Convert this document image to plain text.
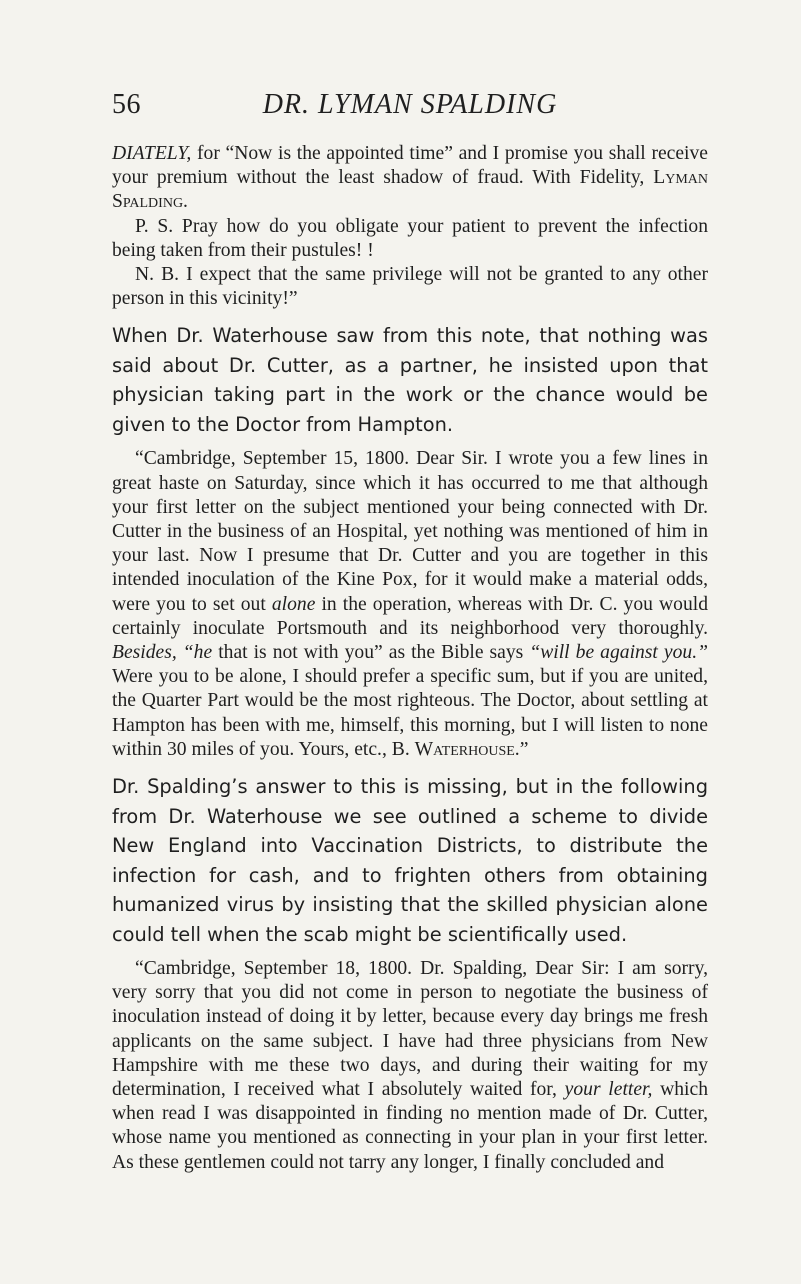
56	DR. LYMAN SPALDING

DIATELY, for “Now is the appointed time” and I promise you shall receive your premium without the least shadow of fraud. With Fidelity, Lyman Spalding.

P. S. Pray how do you obligate your patient to prevent the infection being taken from their pustules! !

N. B. I expect that the same privilege will not be granted to any other person in this vicinity!”

When Dr. Waterhouse saw from this note, that nothing was said about Dr. Cutter, as a partner, he insisted upon that physician taking part in the work or the chance would be given to the Doctor from Hampton.

“Cambridge, September 15, 1800. Dear Sir. I wrote you a few lines in great haste on Saturday, since which it has occurred to me that although your first letter on the subject mentioned your being connected with Dr. Cutter in the business of an Hospital, yet nothing was mentioned of him in your last. Now I presume that Dr. Cutter and you are together in this intended inoculation of the Kine Pox, for it would make a material odds, were you to set out alone in the operation, whereas with Dr. C. you would certainly inoculate Portsmouth and its neighborhood very thoroughly. Besides, “he that is not with you” as the Bible says “will be against you.” Were you to be alone, I should prefer a specific sum, but if you are united, the Quarter Part would be the most righteous. The Doctor, about settling at Hampton has been with me, himself, this morning, but I will listen to none within 30 miles of you. Yours, etc., B. Waterhouse.”

Dr. Spalding’s answer to this is missing, but in the following from Dr. Waterhouse we see outlined a scheme to divide New England into Vaccination Districts, to distribute the infection for cash, and to frighten others from obtaining humanized virus by insisting that the skilled physician alone could tell when the scab might be scientifically used.

“Cambridge, September 18, 1800. Dr. Spalding, Dear Sir: I am sorry, very sorry that you did not come in person to negotiate the business of inoculation instead of doing it by letter, because every day brings me fresh applicants on the same subject. I have had three physicians from New Hampshire with me these two days, and during their waiting for my determination, I received what I absolutely waited for, your letter, which when read I was disappointed in finding no mention made of Dr. Cutter, whose name you mentioned as connecting in your plan in your first letter. As these gentlemen could not tarry any longer, I finally concluded and
